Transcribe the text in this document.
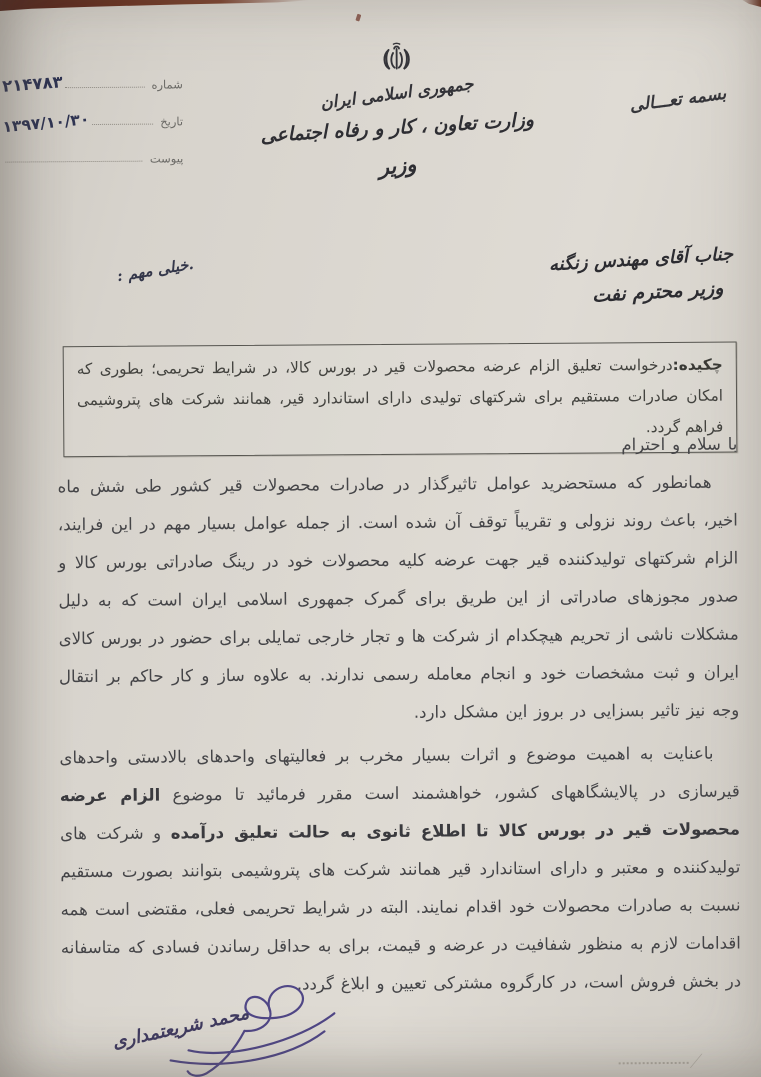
شماره
۲۱۴۷۸۳
تاریخ
۱۳۹۷/۱۰/۳۰
پیوست
جمهوری اسلامی ایران
وزارت تعاون ، کار و رفاه اجتماعی
وزیر
بسمه تعـــالی
جناب آقای مهندس زنگنه
وزیر محترم نفت
.خیلی مهم :
چکیده:درخواست تعلیق الزام عرضه محصولات قیر در بورس کالا، در شرایط تحریمی؛ بطوری که امکان صادرات مستقیم برای شرکتهای تولیدی دارای استاندارد قیر، همانند شرکت های پتروشیمی فراهم گردد.
با سلام و احترام

همانطور که مستحضرید عوامل تاثیرگذار در صادرات محصولات قیر کشور طی شش ماه اخیر، باعث روند نزولی و تقریباً توقف آن شده است. از جمله عوامل بسیار مهم در این فرایند، الزام شرکتهای تولیدکننده قیر جهت عرضه کلیه محصولات خود در رینگ صادراتی بورس کالا و صدور مجوزهای صادراتی از این طریق برای گمرک جمهوری اسلامی ایران است که به دلیل مشکلات ناشی از تحریم هیچکدام از شرکت ها و تجار خارجی تمایلی برای حضور در بورس کالای ایران و ثبت مشخصات خود و انجام معامله رسمی ندارند. به علاوه ساز و کار حاکم بر انتقال وجه نیز تاثیر بسزایی در بروز این مشکل دارد.

باعنایت به اهمیت موضوع و اثرات بسیار مخرب بر فعالیتهای واحدهای بالادستی واحدهای قیرسازی در پالایشگاههای کشور، خواهشمند است مقرر فرمائید تا موضوع الزام عرضه محصولات قیر در بورس کالا تا اطلاع ثانوی به حالت تعلیق درآمده و شرکت های تولیدکننده و معتبر و دارای استاندارد قیر همانند شرکت های پتروشیمی بتوانند بصورت مستقیم نسبت به صادرات محصولات خود اقدام نمایند. البته در شرایط تحریمی فعلی، مقتضی است همه اقدامات لازم به منظور شفافیت در عرضه و قیمت، برای به حداقل رساندن فسادی که متاسفانه در بخش فروش است، در کارگروه مشترکی تعیین و ابلاغ گردد.

محمد شریعتمداری
